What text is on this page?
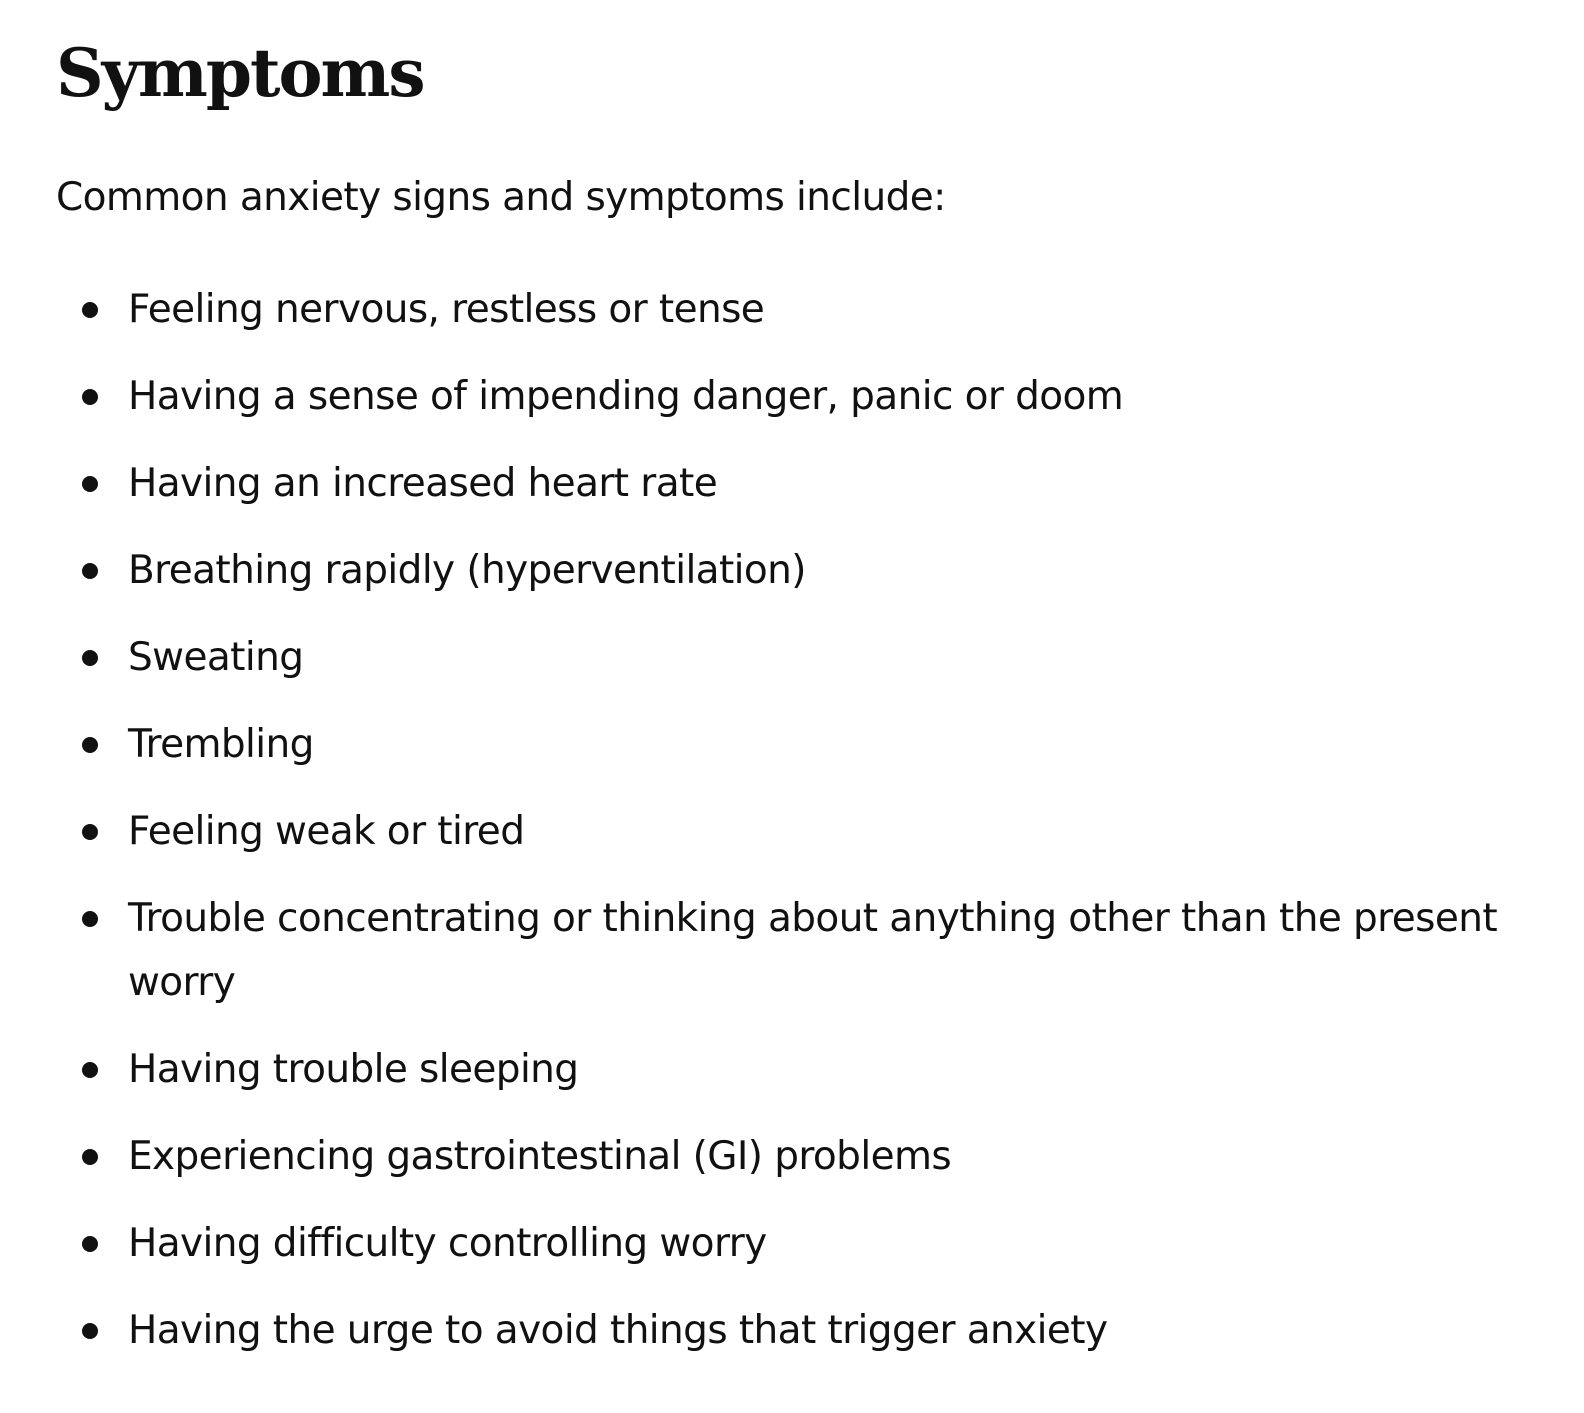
Symptoms

Common anxiety signs and symptoms include:

Feeling nervous, restless or tense
Having a sense of impending danger, panic or doom
Having an increased heart rate
Breathing rapidly (hyperventilation)
Sweating
Trembling
Feeling weak or tired
Trouble concentrating or thinking about anything other than the present worry
Having trouble sleeping
Experiencing gastrointestinal (GI) problems
Having difficulty controlling worry
Having the urge to avoid things that trigger anxiety
